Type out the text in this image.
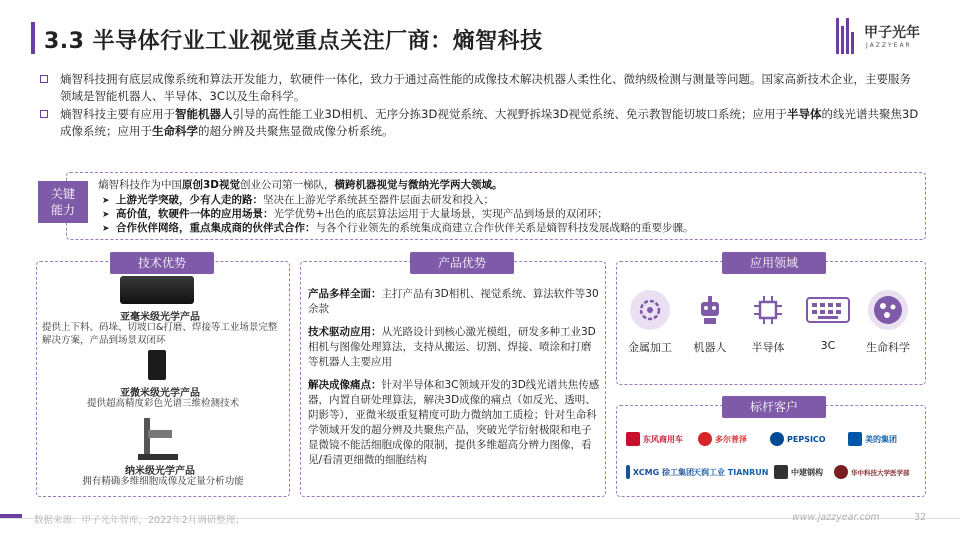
3.3 半导体行业工业视觉重点关注厂商：熵智科技	甲子光年
JAZZYEAR
熵智科技拥有底层成像系统和算法开发能力，软硬件一体化，致力于通过高性能的成像技术解决机器人柔性化、微纳级检测与测量等问题。国家高新技术企业，主要服务领域是智能机器人、半导体、3C以及生命科学。
熵智科技主要有应用于智能机器人引导的高性能工业3D相机、无序分拣3D视觉系统、大视野拆垛3D视觉系统、免示教智能切坡口系统；应用于半导体的线光谱共聚焦3D成像系统；应用于生命科学的超分辨及共聚焦显微成像分析系统。
关键
能力
熵智科技作为中国原创3D视觉创业公司第一梯队，横跨机器视觉与微纳光学两大领域。
➤ 上游光学突破，少有人走的路：坚决在上游光学系统甚至器件层面去研发和投入；
➤ 高价值，软硬件一体的应用场景：光学优势+出色的底层算法运用于大量场景，实现产品到场景的双闭环；
➤ 合作伙伴网络，重点集成商的伙伴式合作：与各个行业领先的系统集成商建立合作伙伴关系是熵智科技发展战略的重要步骤。
技术优势
亚毫米级光学产品
提供上下料、码垛、切坡口&打磨、焊接等工业场景完整解决方案，产品到场景双闭环
亚微米级光学产品
提供超高精度彩色光谱三维检测技术
纳米级光学产品
拥有精确多维细胞成像及定量分析功能
产品优势

产品多样全面：主打产品有3D相机、视觉系统、算法软件等30余款

技术驱动应用：从光路设计到核心激光模组，研发多种工业3D相机与图像处理算法，支持从搬运、切割、焊接、喷涂和打磨等机器人主要应用

解决成像痛点：针对半导体和3C领域开发的3D线光谱共焦传感器，内置自研处理算法，解决3D成像的痛点（如反光、透明、阴影等），亚微米级重复精度可助力微纳加工质检；针对生命科学领域开发的超分辨及共聚焦产品，突破光学衍射极限和电子显微镜不能活细胞成像的限制，提供多维超高分辨力图像，看见/看清更细微的细胞结构

应用领域
金属加工	机器人	半导体	3C	生命科学
标杆客户
东风商用车	多尔普泽	PEPSICO	美的集团
XCMG 徐工集团 天润工业 TIANRUN	中建钢构	华中科技大学医学部
数据来源：甲子光年智库，2022年2月调研整理；	www.jazzyear.com	32
